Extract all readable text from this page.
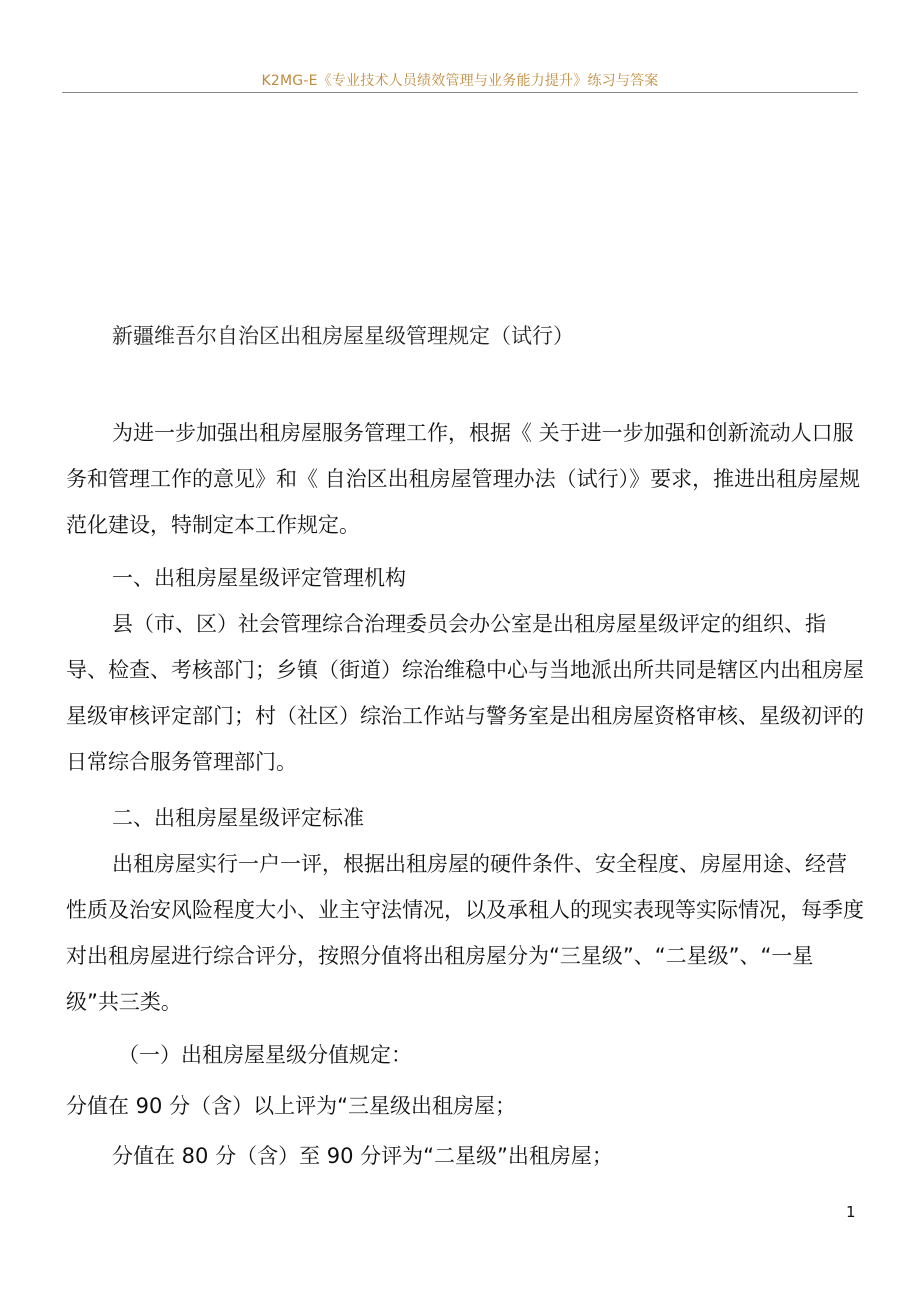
K2MG-E《专业技术人员绩效管理与业务能力提升》练习与答案
新疆维吾尔自治区出租房屋星级管理规定（试行）
为进一步加强出租房屋服务管理工作，根据《 关于进一步加强和创新流动人口服务和管理工作的意见》和《 自治区出租房屋管理办法（试行）》要求，推进出租房屋规范化建设，特制定本工作规定。
一、出租房屋星级评定管理机构
县（市、区）社会管理综合治理委员会办公室是出租房屋星级评定的组织、指导、检查、考核部门；乡镇（街道）综治维稳中心与当地派出所共同是辖区内出租房屋星级审核评定部门；村（社区）综治工作站与警务室是出租房屋资格审核、星级初评的日常综合服务管理部门。
二、出租房屋星级评定标准
出租房屋实行一户一评，根据出租房屋的硬件条件、安全程度、房屋用途、经营性质及治安风险程度大小、业主守法情况，以及承租人的现实表现等实际情况，每季度对出租房屋进行综合评分，按照分值将出租房屋分为“三星级”、“二星级”、“一星级”共三类。
（一）出租房屋星级分值规定：
分值在 90 分（含）以上评为“三星级出租房屋；
分值在 80 分（含）至 90 分评为“二星级”出租房屋；
1
